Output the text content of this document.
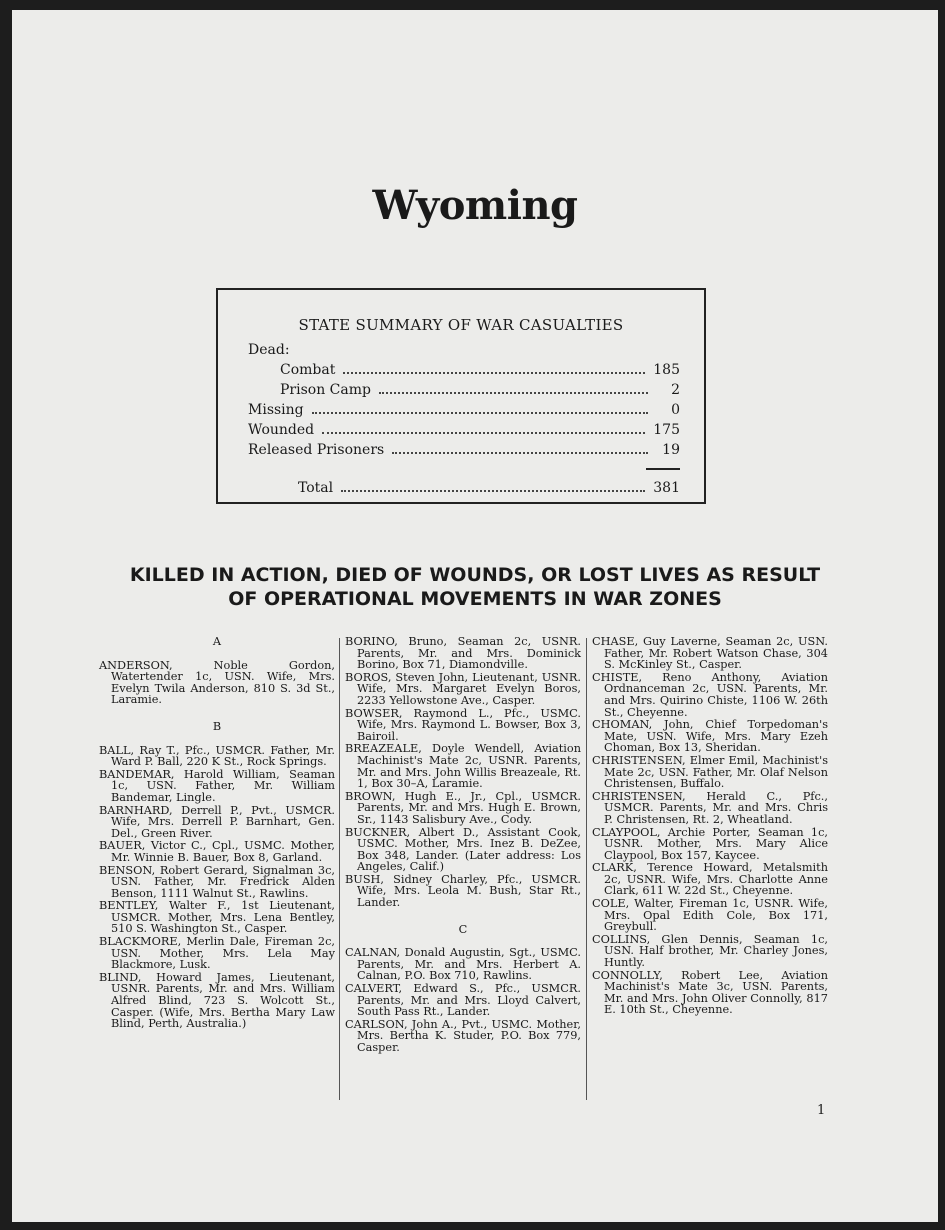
Wyoming
STATE SUMMARY OF WAR CASUALTIES
Dead:
Combat	185
Prison Camp	2
Missing	0
Wounded	175
Released Prisoners	19
Total	381
KILLED IN ACTION, DIED OF WOUNDS, OR LOST LIVES AS RESULT
OF OPERATIONAL MOVEMENTS IN WAR ZONES
A
ANDERSON, Noble Gordon, Watertender 1c, USN. Wife, Mrs. Evelyn Twila Anderson, 810 S. 3d St., Laramie.
B
BALL, Ray T., Pfc., USMCR. Father, Mr. Ward P. Ball, 220 K St., Rock Springs.
BANDEMAR, Harold William, Seaman 1c, USN. Father, Mr. William Bandemar, Lingle.
BARNHARD, Derrell P., Pvt., USMCR. Wife, Mrs. Derrell P. Barnhart, Gen. Del., Green River.
BAUER, Victor C., Cpl., USMC. Mother, Mr. Winnie B. Bauer, Box 8, Garland.
BENSON, Robert Gerard, Signalman 3c, USN. Father, Mr. Fredrick Alden Benson, 1111 Walnut St., Rawlins.
BENTLEY, Walter F., 1st Lieutenant, USMCR. Mother, Mrs. Lena Bentley, 510 S. Washington St., Casper.
BLACKMORE, Merlin Dale, Fireman 2c, USN. Mother, Mrs. Lela May Blackmore, Lusk.
BLIND, Howard James, Lieutenant, USNR. Parents, Mr. and Mrs. William Alfred Blind, 723 S. Wolcott St., Casper. (Wife, Mrs. Bertha Mary Law Blind, Perth, Australia.)
BORINO, Bruno, Seaman 2c, USNR. Parents, Mr. and Mrs. Dominick Borino, Box 71, Diamondville.
BOROS, Steven John, Lieutenant, USNR. Wife, Mrs. Margaret Evelyn Boros, 2233 Yellowstone Ave., Casper.
BOWSER, Raymond L., Pfc., USMC. Wife, Mrs. Raymond L. Bowser, Box 3, Bairoil.
BREAZEALE, Doyle Wendell, Aviation Machinist's Mate 2c, USNR. Parents, Mr. and Mrs. John Willis Breazeale, Rt. 1, Box 30–A, Laramie.
BROWN, Hugh E., Jr., Cpl., USMCR. Parents, Mr. and Mrs. Hugh E. Brown, Sr., 1143 Salisbury Ave., Cody.
BUCKNER, Albert D., Assistant Cook, USMC. Mother, Mrs. Inez B. DeZee, Box 348, Lander. (Later address: Los Angeles, Calif.)
BUSH, Sidney Charley, Pfc., USMCR. Wife, Mrs. Leola M. Bush, Star Rt., Lander.
C
CALNAN, Donald Augustin, Sgt., USMC. Parents, Mr. and Mrs. Herbert A. Calnan, P.O. Box 710, Rawlins.
CALVERT, Edward S., Pfc., USMCR. Parents, Mr. and Mrs. Lloyd Calvert, South Pass Rt., Lander.
CARLSON, John A., Pvt., USMC. Mother, Mrs. Bertha K. Studer, P.O. Box 779, Casper.
CHASE, Guy Laverne, Seaman 2c, USN. Father, Mr. Robert Watson Chase, 304 S. McKinley St., Casper.
CHISTE, Reno Anthony, Aviation Ordnanceman 2c, USN. Parents, Mr. and Mrs. Quirino Chiste, 1106 W. 26th St., Cheyenne.
CHOMAN, John, Chief Torpedoman's Mate, USN. Wife, Mrs. Mary Ezeh Choman, Box 13, Sheridan.
CHRISTENSEN, Elmer Emil, Machinist's Mate 2c, USN. Father, Mr. Olaf Nelson Christensen, Buffalo.
CHRISTENSEN, Herald C., Pfc., USMCR. Parents, Mr. and Mrs. Chris P. Christensen, Rt. 2, Wheatland.
CLAYPOOL, Archie Porter, Seaman 1c, USNR. Mother, Mrs. Mary Alice Claypool, Box 157, Kaycee.
CLARK, Terence Howard, Metalsmith 2c, USNR. Wife, Mrs. Charlotte Anne Clark, 611 W. 22d St., Cheyenne.
COLE, Walter, Fireman 1c, USNR. Wife, Mrs. Opal Edith Cole, Box 171, Greybull.
COLLINS, Glen Dennis, Seaman 1c, USN. Half brother, Mr. Charley Jones, Huntly.
CONNOLLY, Robert Lee, Aviation Machinist's Mate 3c, USN. Parents, Mr. and Mrs. John Oliver Connolly, 817 E. 10th St., Cheyenne.
1
